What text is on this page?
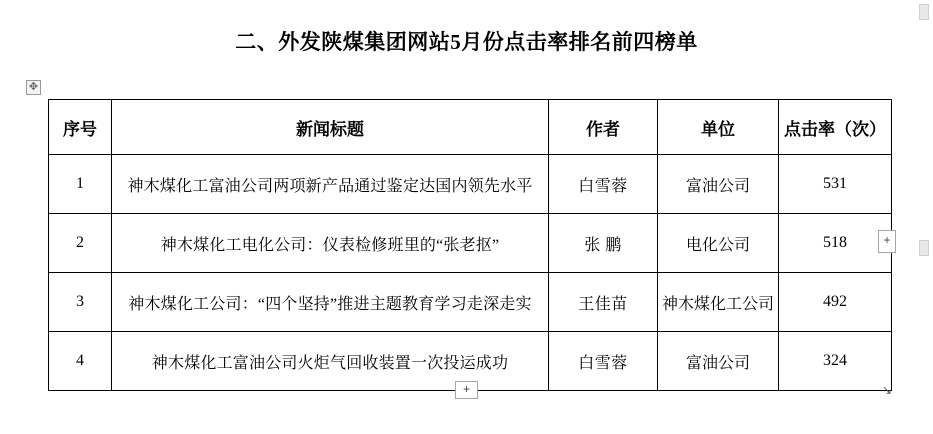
二、外发陕煤集团网站5月份点击率排名前四榜单
✥
序号	新闻标题	作者	单位	点击率（次）
1	神木煤化工富油公司两项新产品通过鉴定达国内领先水平	白雪蓉	富油公司	531
2	神木煤化工电化公司：仪表检修班里的“张老抠”	张 鹏	电化公司	518
3	神木煤化工公司：“四个坚持”推进主题教育学习走深走实	王佳苗	神木煤化工公司	492
4	神木煤化工富油公司火炬气回收装置一次投运成功	白雪蓉	富油公司	324
+
+
↘
